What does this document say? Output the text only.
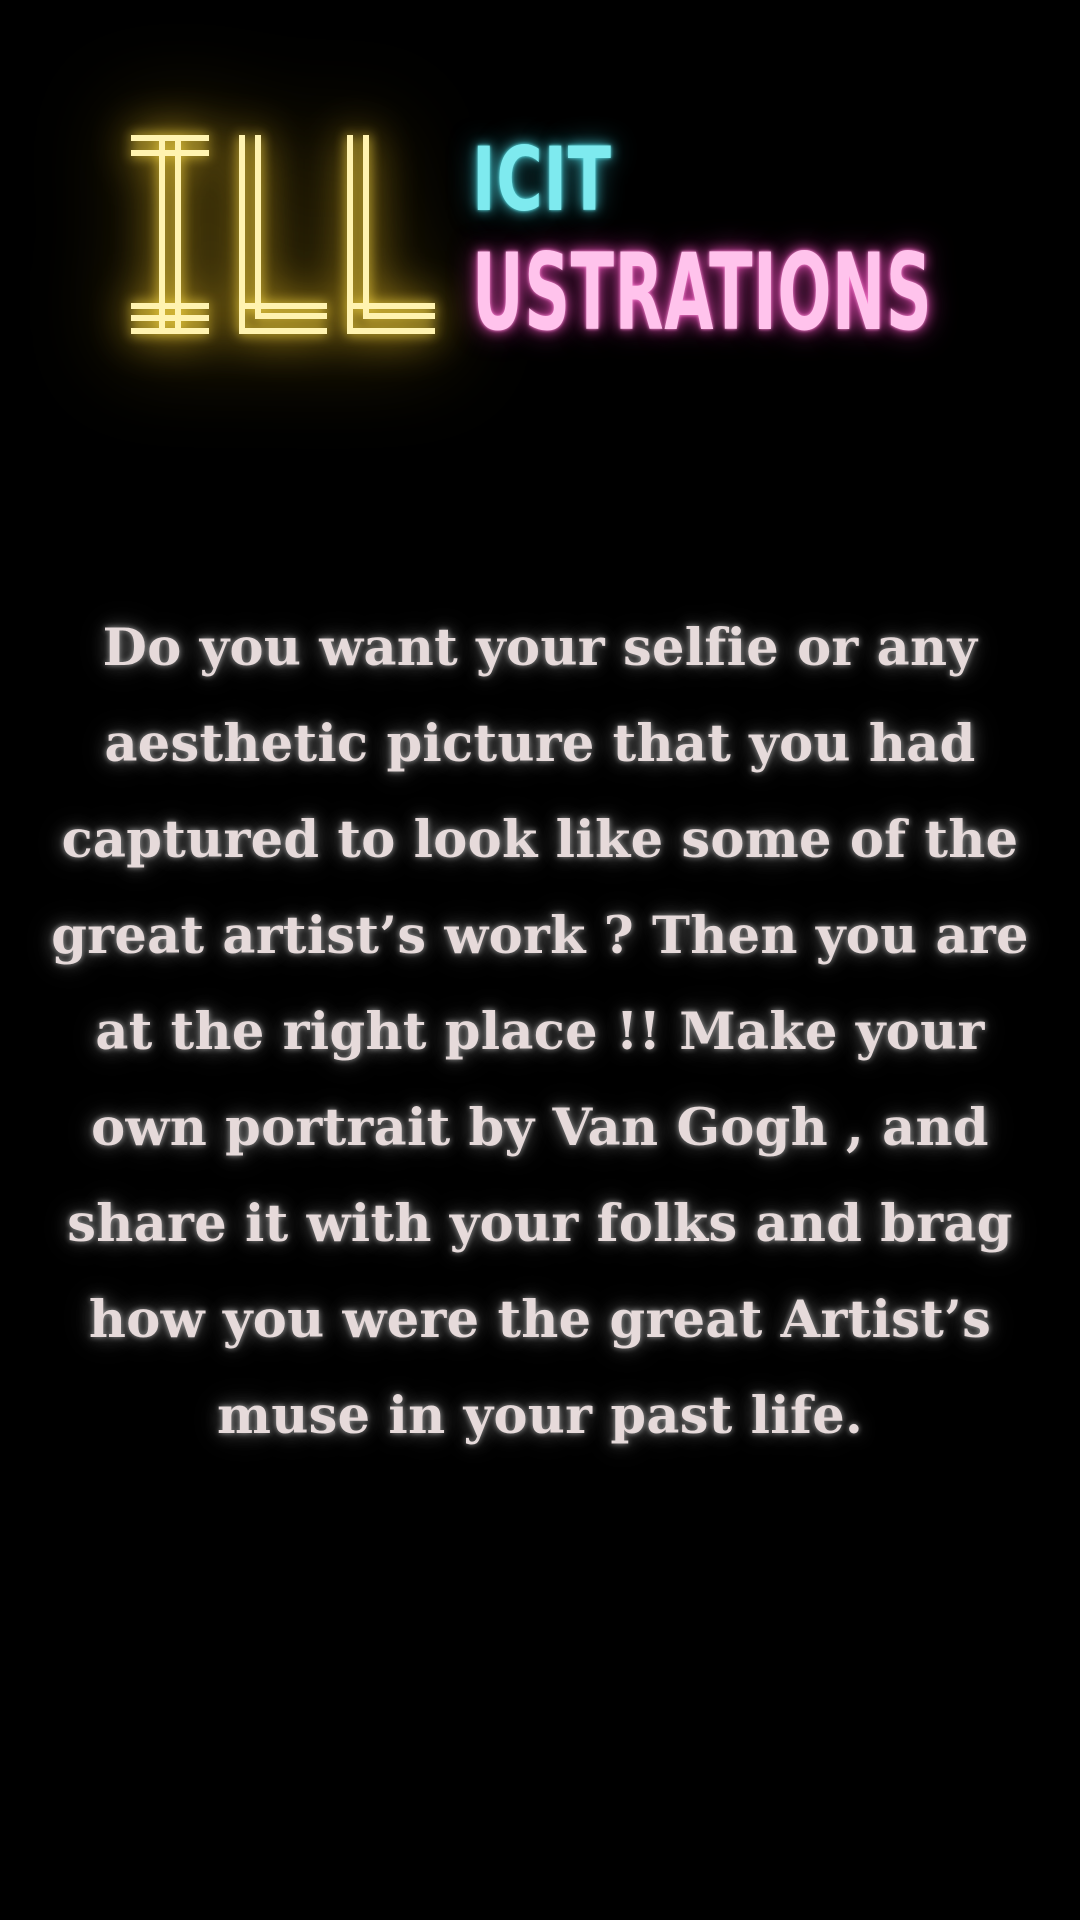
ICIT
USTRATIONS

Do you want your selfie or any aesthetic picture that you had captured to look like some of the great artist’s work ? Then you are at the right place !! Make your own portrait by Van Gogh , and share it with your folks and brag how you were the great Artist’s muse in your past life.
